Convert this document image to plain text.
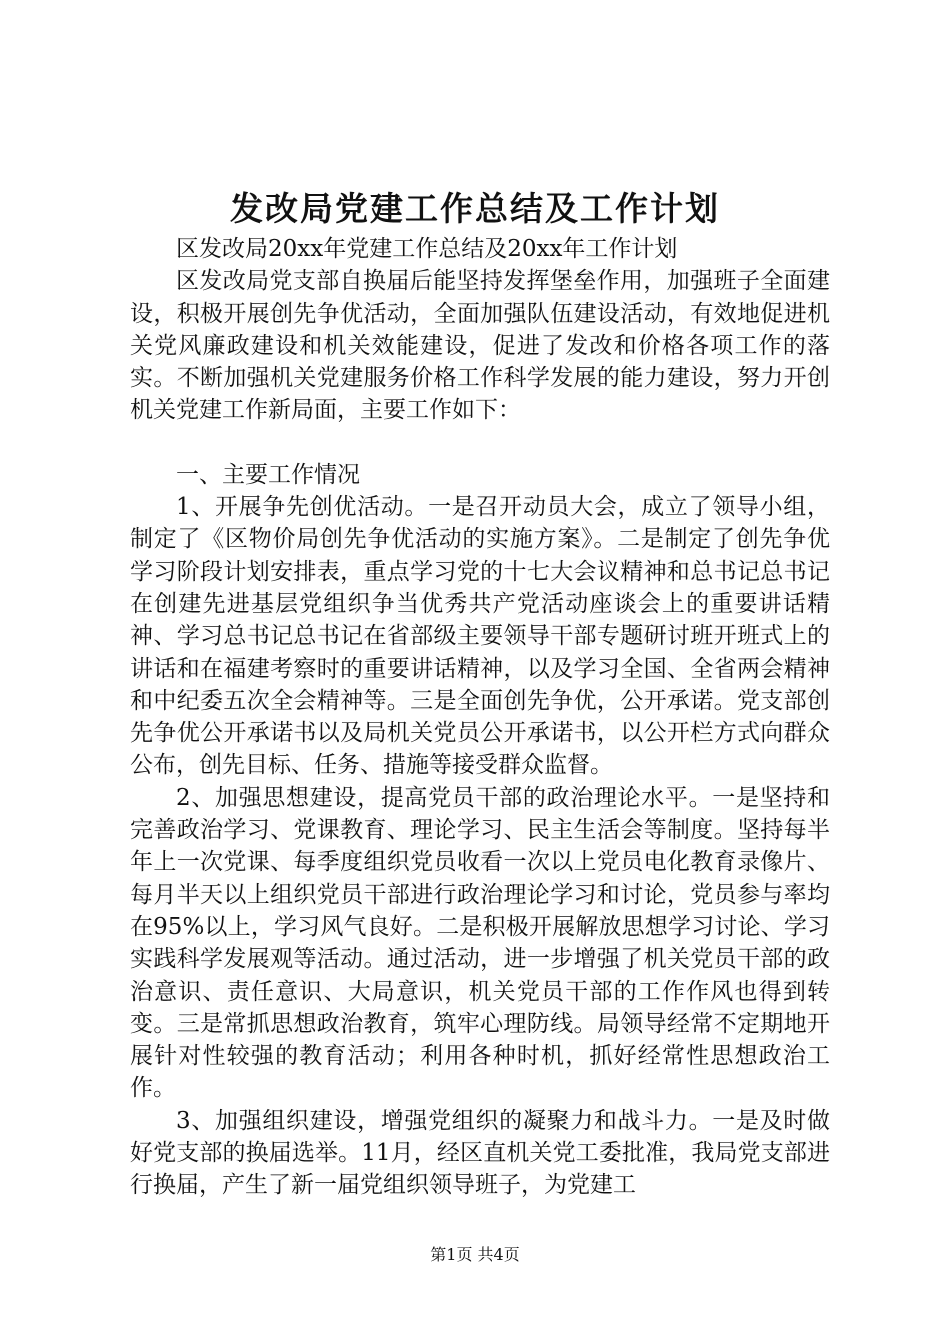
发改局党建工作总结及工作计划

区发改局20xx年党建工作总结及20xx年工作计划

区发改局党支部自换届后能坚持发挥堡垒作用，加强班子全面建设，积极开展创先争优活动，全面加强队伍建设活动，有效地促进机关党风廉政建设和机关效能建设，促进了发改和价格各项工作的落实。不断加强机关党建服务价格工作科学发展的能力建设，努力开创机关党建工作新局面，主要工作如下：

一、主要工作情况

1、开展争先创优活动。一是召开动员大会，成立了领导小组，制定了《区物价局创先争优活动的实施方案》。二是制定了创先争优学习阶段计划安排表，重点学习党的十七大会议精神和总书记总书记在创建先进基层党组织争当优秀共产党活动座谈会上的重要讲话精神、学习总书记总书记在省部级主要领导干部专题研讨班开班式上的讲话和在福建考察时的重要讲话精神，以及学习全国、全省两会精神和中纪委五次全会精神等。三是全面创先争优，公开承诺。党支部创先争优公开承诺书以及局机关党员公开承诺书，以公开栏方式向群众公布，创先目标、任务、措施等接受群众监督。

2、加强思想建设，提高党员干部的政治理论水平。一是坚持和完善政治学习、党课教育、理论学习、民主生活会等制度。坚持每半年上一次党课、每季度组织党员收看一次以上党员电化教育录像片、每月半天以上组织党员干部进行政治理论学习和讨论，党员参与率均在95%以上，学习风气良好。二是积极开展解放思想学习讨论、学习实践科学发展观等活动。通过活动，进一步增强了机关党员干部的政治意识、责任意识、大局意识，机关党员干部的工作作风也得到转变。三是常抓思想政治教育，筑牢心理防线。局领导经常不定期地开展针对性较强的教育活动；利用各种时机，抓好经常性思想政治工作。

3、加强组织建设，增强党组织的凝聚力和战斗力。一是及时做好党支部的换届选举。11月，经区直机关党工委批准，我局党支部进行换届，产生了新一届党组织领导班子，为党建工

第1页 共4页
